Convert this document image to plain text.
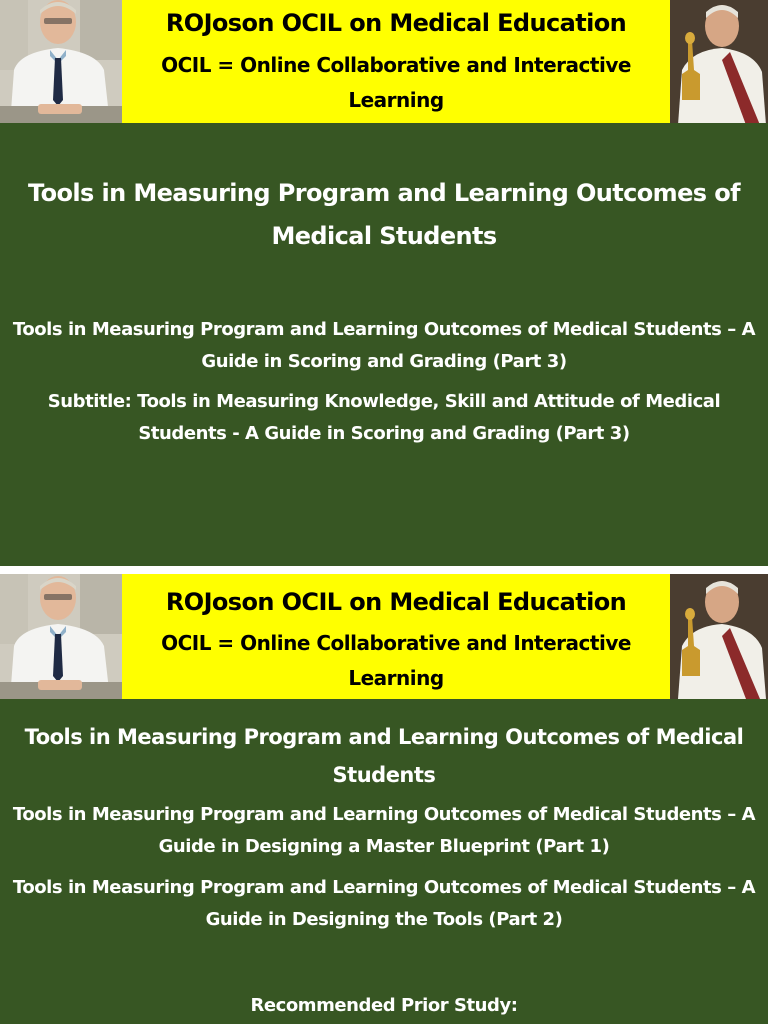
ROJoson OCIL on Medical Education
OCIL = Online Collaborative and Interactive Learning
Tools in Measuring Program and Learning Outcomes of Medical Students
Tools in Measuring Program and Learning Outcomes of Medical Students – A Guide in Scoring and Grading (Part 3)
Subtitle: Tools in Measuring Knowledge, Skill and Attitude of Medical Students - A Guide in Scoring and Grading (Part 3)
ROJoson OCIL on Medical Education
OCIL = Online Collaborative and Interactive Learning
Tools in Measuring Program and Learning Outcomes of Medical Students
Tools in Measuring Program and Learning Outcomes of Medical Students – A Guide in Designing a Master Blueprint (Part 1)
Tools in Measuring Program and Learning Outcomes of Medical Students – A Guide in Designing the Tools (Part 2)
Recommended Prior Study:
